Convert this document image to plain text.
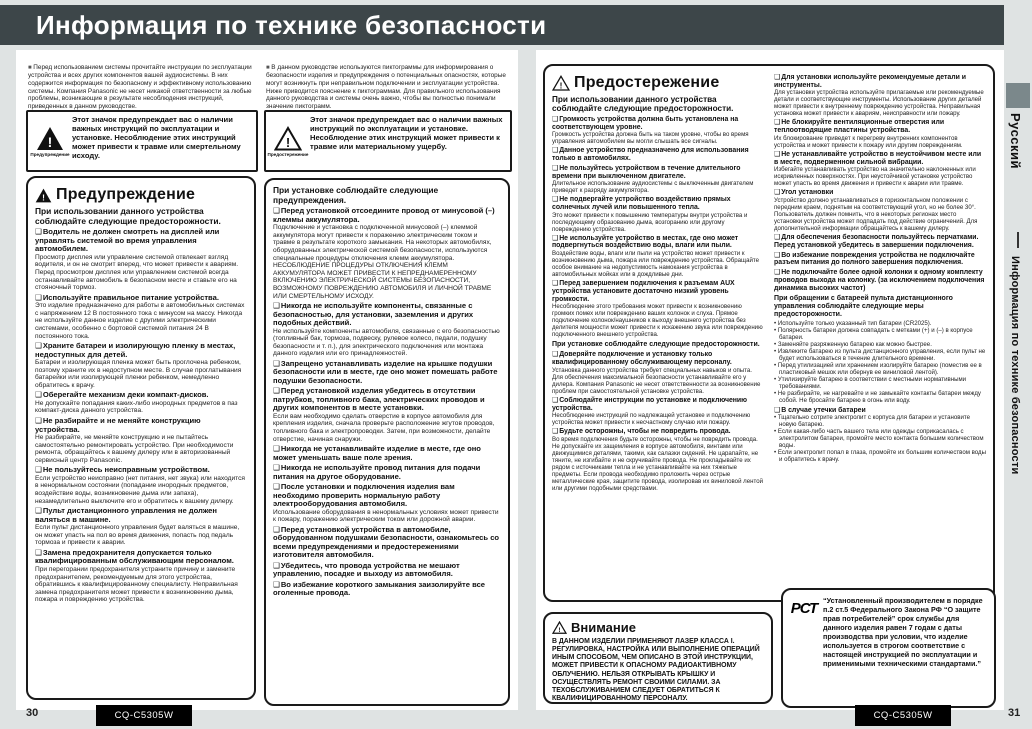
Информация по технике безопасности
■ Перед использованием системы прочитайте инструкции по эксплуатации устройства и всех других компонентов вашей аудиосистемы. В них содержится информация по безопасному и эффективному использованию системы. Компания Panasonic не несет никакой ответственности за любые проблемы, возникающие в результате несоблюдения инструкций, приведенных в данном руководстве.
■ В данном руководстве используются пиктограммы для информирования о безопасности изделия и предупреждения о потенциальных опасностях, которые могут возникнуть при неправильном подключении и эксплуатации устройства. Ниже приводится пояснение к пиктограммам. Для правильного использования данного руководства и системы очень важно, чтобы вы полностью понимали значение пиктограмм.
!
Предупреждение
Этот значок предупреждает вас о наличии важных инструкций по эксплуатации и установке. Несоблюдение этих инструкций может привести к травме или смертельному исходу.
!
Предостережение
Этот значок предупреждает вас о наличии важных инструкций по эксплуатации и установке. Несоблюдение этих инструкций может привести к травме или материальному ущербу.
! Предупреждение
При использовании данного устройства соблюдайте следующие предосторожности.
❑ Водитель не должен смотреть на дисплей или управлять системой во время управления автомобилем.
Просмотр дисплея или управление системой отвлекает взгляд водителя, и он не смотрит вперед, что может привести к авариям. Перед просмотром дисплея или управлением системой всегда останавливайте автомобиль в безопасном месте и ставьте его на стояночный тормоз.
❑ Используйте правильное питание устройства.
Это изделие предназначено для работы в автомобильных системах с напряжением 12 В постоянного тока с минусом на массу. Никогда не используйте данное изделие с другими электрическими системами, особенно с бортовой системой питания 24 В постоянного тока.
❑ Храните батареи и изолирующую пленку в местах, недоступных для детей.
Батареи и изолирующая пленка может быть проглочена ребенком, поэтому храните их в недоступном месте. В случае проглатывания батарейки или изолирующей пленки ребенком, немедленно обратитесь к врачу.
❑ Оберегайте механизм деки компакт-дисков.
Не допускайте попадания каких-либо инородных предметов в паз компакт-диска данного устройства.
❑ Не разбирайте и не меняйте конструкцию устройства.
Не разбирайте, не меняйте конструкцию и не пытайтесь самостоятельно ремонтировать устройство. При необходимости ремонта, обращайтесь к вашему дилеру или в авторизованный сервисный центр Panasonic.
❑ Не пользуйтесь неисправным устройством.
Если устройство неисправно (нет питания, нет звука) или находится в ненормальном состоянии (попадание инородных предметов, воздействие воды, возникновение дыма или запаха), незамедлительно выключите его и обратитесь к вашему дилеру.
❑ Пульт дистанционного управления не должен валяться в машине.
Если пульт дистанционного управления будет валяться в машине, он может упасть на пол во время движения, попасть под педаль тормоза и привести к аварии.
❑ Замена предохранителя допускается только квалифицированным обслуживающим персоналом.
При перегорании предохранителя устраните причину и замените предохранителем, рекомендуемым для этого устройства, обратившись к квалифицированному специалисту. Неправильная замена предохранителя может привести к возникновению дыма, пожара и повреждению устройства.
При установке соблюдайте следующие предупреждения.
❑ Перед установкой отсоедините провод от минусовой (–) клеммы аккумулятора.
Подключение и установка с подключенной минусовой (–) клеммой аккумулятора могут привести к поражению электрическим током и травме в результате короткого замыкания. На некоторых автомобилях, оборудованных электрической системой безопасности, используются специальные процедуры отключения клемм аккумулятора. НЕСОБЛЮДЕНИЕ ПРОЦЕДУРЫ ОТКЛЮЧЕНИЯ КЛЕММ АККУМУЛЯТОРА МОЖЕТ ПРИВЕСТИ К НЕПРЕДНАМЕРЕННОМУ ВКЛЮЧЕНИЮ ЭЛЕКТРИЧЕСКОЙ СИСТЕМЫ БЕЗОПАСНОСТИ, ВОЗМОЖНОМУ ПОВРЕЖДЕНИЮ АВТОМОБИЛЯ И ЛИЧНОЙ ТРАВМЕ ИЛИ СМЕРТЕЛЬНОМУ ИСХОДУ.
❑ Никогда не используйте компоненты, связанные с безопасностью, для установки, заземления и других подобных действий.
Не используйте компоненты автомобиля, связанные с его безопасностью (топливный бак, тормоза, подвеску, рулевое колесо, педали, подушку безопасности и т. п.), для электрического подключения или монтажа данного изделия или его принадлежностей.
❑ Запрещено устанавливать изделие на крышке подушки безопасности или в месте, где оно может помешать работе подушки безопасности.
❑ Перед установкой изделия убедитесь в отсутствии патрубков, топливного бака, электрических проводов и других компонентов в месте установки.
Если вам необходимо сделать отверстие в корпусе автомобиля для крепления изделия, сначала проверьте расположение жгутов проводов, топливного бака и электропроводки. Затем, при возможности, делайте отверстие, начиная снаружи.
❑ Никогда не устанавливайте изделие в месте, где оно может уменьшать ваше поле зрения.
❑ Никогда не используйте провод питания для подачи питания на другое оборудование.
❑ После установки и подключения изделия вам необходимо проверить нормальную работу электрооборудования автомобиля.
Использование оборудования в ненормальных условиях может привести к пожару, поражению электрическим током или дорожной аварии.
❑ Перед установкой устройства в автомобиле, оборудованном подушками безопасности, ознакомьтесь со всеми предупреждениями и предостережениями изготовителя автомобиля.
❑ Убедитесь, что провода устройства не мешают управлению, посадке и выходу из автомобиля.
❑ Во избежание короткого замыкания заизолируйте все оголенные провода.
! Предостережение
При использовании данного устройства соблюдайте следующие предосторожности.
❑ Громкость устройства должна быть установлена на соответствующем уровне.
Громкость устройства должна быть на таком уровне, чтобы во время управления автомобилем вы могли слышать все сигналы.
❑ Данное устройство предназначено для использования только в автомобилях.
❑ Не пользуйтесь устройством в течение длительного времени при выключенном двигателе.
Длительное использование аудиосистемы с выключенным двигателем приведет к разряду аккумулятора.
❑ Не подвергайте устройство воздействию прямых солнечных лучей или повышенного тепла.
Это может привести к повышению температуры внутри устройства и последующему образованию дыма, возгоранию или другому повреждению устройства.
❑ Не используйте устройство в местах, где оно может подвергнуться воздействию воды, влаги или пыли.
Воздействие воды, влаги или пыли на устройство может привести к возникновению дыма, пожара или повреждению устройства. Обращайте особое внимание на недопустимость намокания устройства в автомобильных мойках или в дождливые дни.
❑ Перед завершением подключения к разъемам AUX устройства установите достаточно низкий уровень громкости.
Несоблюдение этого требования может привести к возникновению громких помех или повреждению ваших колонок и слуха. Прямое подключение колонок/наушников к выходу внешнего устройства без делителя мощности может привести к искажению звука или повреждению подключенного внешнего устройства.
При установке соблюдайте следующие предосторожности.
❑ Доверяйте подключение и установку только квалифицированному обслуживающему персоналу.
Установка данного устройства требует специальных навыков и опыта. Для обеспечения максимальной безопасности устанавливайте его у дилера. Компания Panasonic не несет ответственности за возникновение проблем при самостоятельной установке устройства.
❑ Соблюдайте инструкции по установке и подключению устройства.
Несоблюдение инструкций по надлежащей установке и подключению устройства может привести к несчастному случаю или пожару.
❑ Будьте осторожны, чтобы не повредить провода.
Во время подключения будьте осторожны, чтобы не повредить провода. Не допускайте их защемления в корпусе автомобиля, винтами или движущимися деталями, такими, как салазки сидений. Не царапайте, не тяните, не изгибайте и не скручивайте провода. Не прокладывайте их рядом с источниками тепла и не устанавливайте на них тяжелые предметы. Если провода необходимо проложить через острые металлические края, защитите провода, изолировав их виниловой лентой или другими подобными средствами.
❑ Для установки используйте рекомендуемые детали и инструменты.
Для установки устройства используйте прилагаемые или рекомендуемые детали и соответствующие инструменты. Использование других деталей может привести к внутреннему повреждению устройства. Неправильная установка может привести к авариям, неисправности или пожару.
❑ Не блокируйте вентиляционные отверстия или теплоотводящие пластины устройства.
Их блокирование приведет к перегреву внутренних компонентов устройства и может привести к пожару или другим повреждениям.
❑ Не устанавливайте устройство в неустойчивом месте или в месте, подверженном сильной вибрации.
Избегайте устанавливать устройство на значительно наклоненных или искривленных поверхностях. При неустойчивой установке устройство может упасть во время движения и привести к аварии или травме.
❑ Угол установки
Устройство должно устанавливаться в горизонтальном положении с передним краем, поднятым на соответствующий угол, но не более 30°. Пользователь должен помнить, что в некоторых регионах место установки устройства может подпадать под действие ограничений. Для дополнительной информации обращайтесь к вашему дилеру.
❑ Для обеспечения безопасности пользуйтесь перчатками. Перед установкой убедитесь в завершении подключения.
❑ Во избежание повреждения устройства не подключайте разъем питания до полного завершения подключения.
❑ Не подключайте более одной колонки к одному комплекту проводов выхода на колонку. (за исключением подключения динамика высоких частот)
При обращении с батареей пульта дистанционного управления соблюдайте следующие меры предосторожности.
• Используйте только указанный тип батареи (CR2025).
• Полярность батареи должна совпадать с метками (+) и (–) в корпусе батареи.
• Заменяйте разряженную батарею как можно быстрее.
• Извлеките батарею из пульта дистанционного управления, если пульт не будет использоваться в течение длительного времени.
• Перед утилизацией или хранением изолируйте батарею (поместив ее в пластиковый мешок или обернув ее виниловой лентой).
• Утилизируйте батарею в соответствии с местными нормативными требованиями.
• Не разбирайте, не нагревайте и не замыкайте контакты батареи между собой. Не бросайте батарею в огонь или воду.
❑ В случае утечки батареи
• Тщательно сотрите электролит с корпуса для батареи и установите новую батарею.
• Если какая-либо часть вашего тела или одежды соприкасалась с электролитом батареи, промойте место контакта большим количеством воды.
• Если электролит попал в глаза, промойте их большим количеством воды и обратитесь к врачу.
! Внимание
В ДАННОМ ИЗДЕЛИИ ПРИМЕНЯЮТ ЛАЗЕР КЛАССА I. РЕГУЛИРОВКА, НАСТРОЙКА ИЛИ ВЫПОЛНЕНИЕ ОПЕРАЦИЙ ИНЫМ СПОСОБОМ, ЧЕМ ОПИСАНО В ЭТОЙ ИНСТРУКЦИИ, МОЖЕТ ПРИВЕСТИ К ОПАСНОМУ РАДИОАКТИВНОМУ ОБЛУЧЕНИЮ. НЕЛЬЗЯ ОТКРЫВАТЬ КРЫШКУ И ОСУЩЕСТВЛЯТЬ РЕМОНТ СВОИМИ СИЛАМИ. ЗА ТЕХОБСЛУЖИВАНИЕМ СЛЕДУЕТ ОБРАТИТЬСЯ К КВАЛИФИЦИРОВАННОМУ ПЕРСОНАЛУ.
РСТ “Установленный производителем в порядке п.2 ст.5 Федерального Закона РФ “О защите прав потребителей” срок службы для данного изделия равен 7 годам с даты производства при условии, что изделие используется в строгом соответствие с настоящей инструкцией по эксплуатации и применимыми техническими стандартами.”
Русский
Информация по технике безопасности
30	CQ-C5305W	CQ-C5305W	31
